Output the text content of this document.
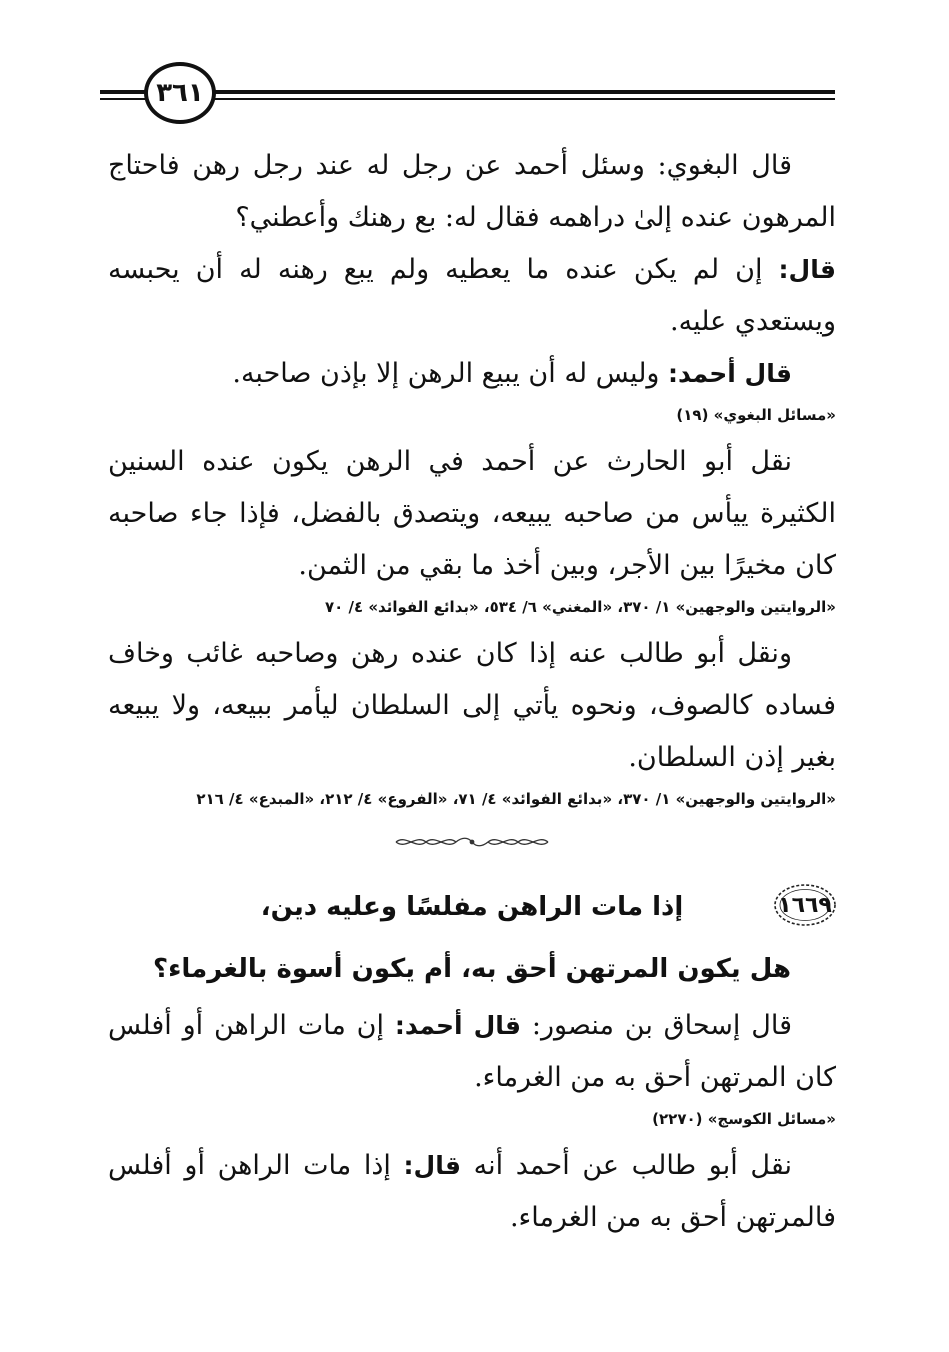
٣٦١

قال البغوي: وسئل أحمد عن رجل له عند رجل رهن فاحتاج المرهون عنده إلىٰ دراهمه فقال له: بع رهنك وأعطني؟

قال: إن لم يكن عنده ما يعطيه ولم يبع رهنه له أن يحبسه ويستعدي عليه.

قال أحمد: وليس له أن يبيع الرهن إلا بإذن صاحبه.

«مسائل البغوي» (١٩)

نقل أبو الحارث عن أحمد في الرهن يكون عنده السنين الكثيرة ييأس من صاحبه يبيعه، ويتصدق بالفضل، فإذا جاء صاحبه كان مخيرًا بين الأجر، وبين أخذ ما بقي من الثمن.

«الروايتين والوجهين» ١/ ٣٧٠، «المغني» ٦/ ٥٣٤، «بدائع الفوائد» ٤/ ٧٠

ونقل أبو طالب عنه إذا كان عنده رهن وصاحبه غائب وخاف فساده كالصوف، ونحوه يأتي إلى السلطان ليأمر ببيعه، ولا يبيعه بغير إذن السلطان.

«الروايتين والوجهين» ١/ ٣٧٠، «بدائع الفوائد» ٤/ ٧١، «الفروع» ٤/ ٢١٢، «المبدع» ٤/ ٢١٦

١٦٦٩
إذا مات الراهن مفلسًا وعليه دين،
هل يكون المرتهن أحق به، أم يكون أسوة بالغرماء؟

قال إسحاق بن منصور: قال أحمد: إن مات الراهن أو أفلس كان المرتهن أحق به من الغرماء.

«مسائل الكوسج» (٢٢٧٠)

نقل أبو طالب عن أحمد أنه قال: إذا مات الراهن أو أفلس فالمرتهن أحق به من الغرماء.
